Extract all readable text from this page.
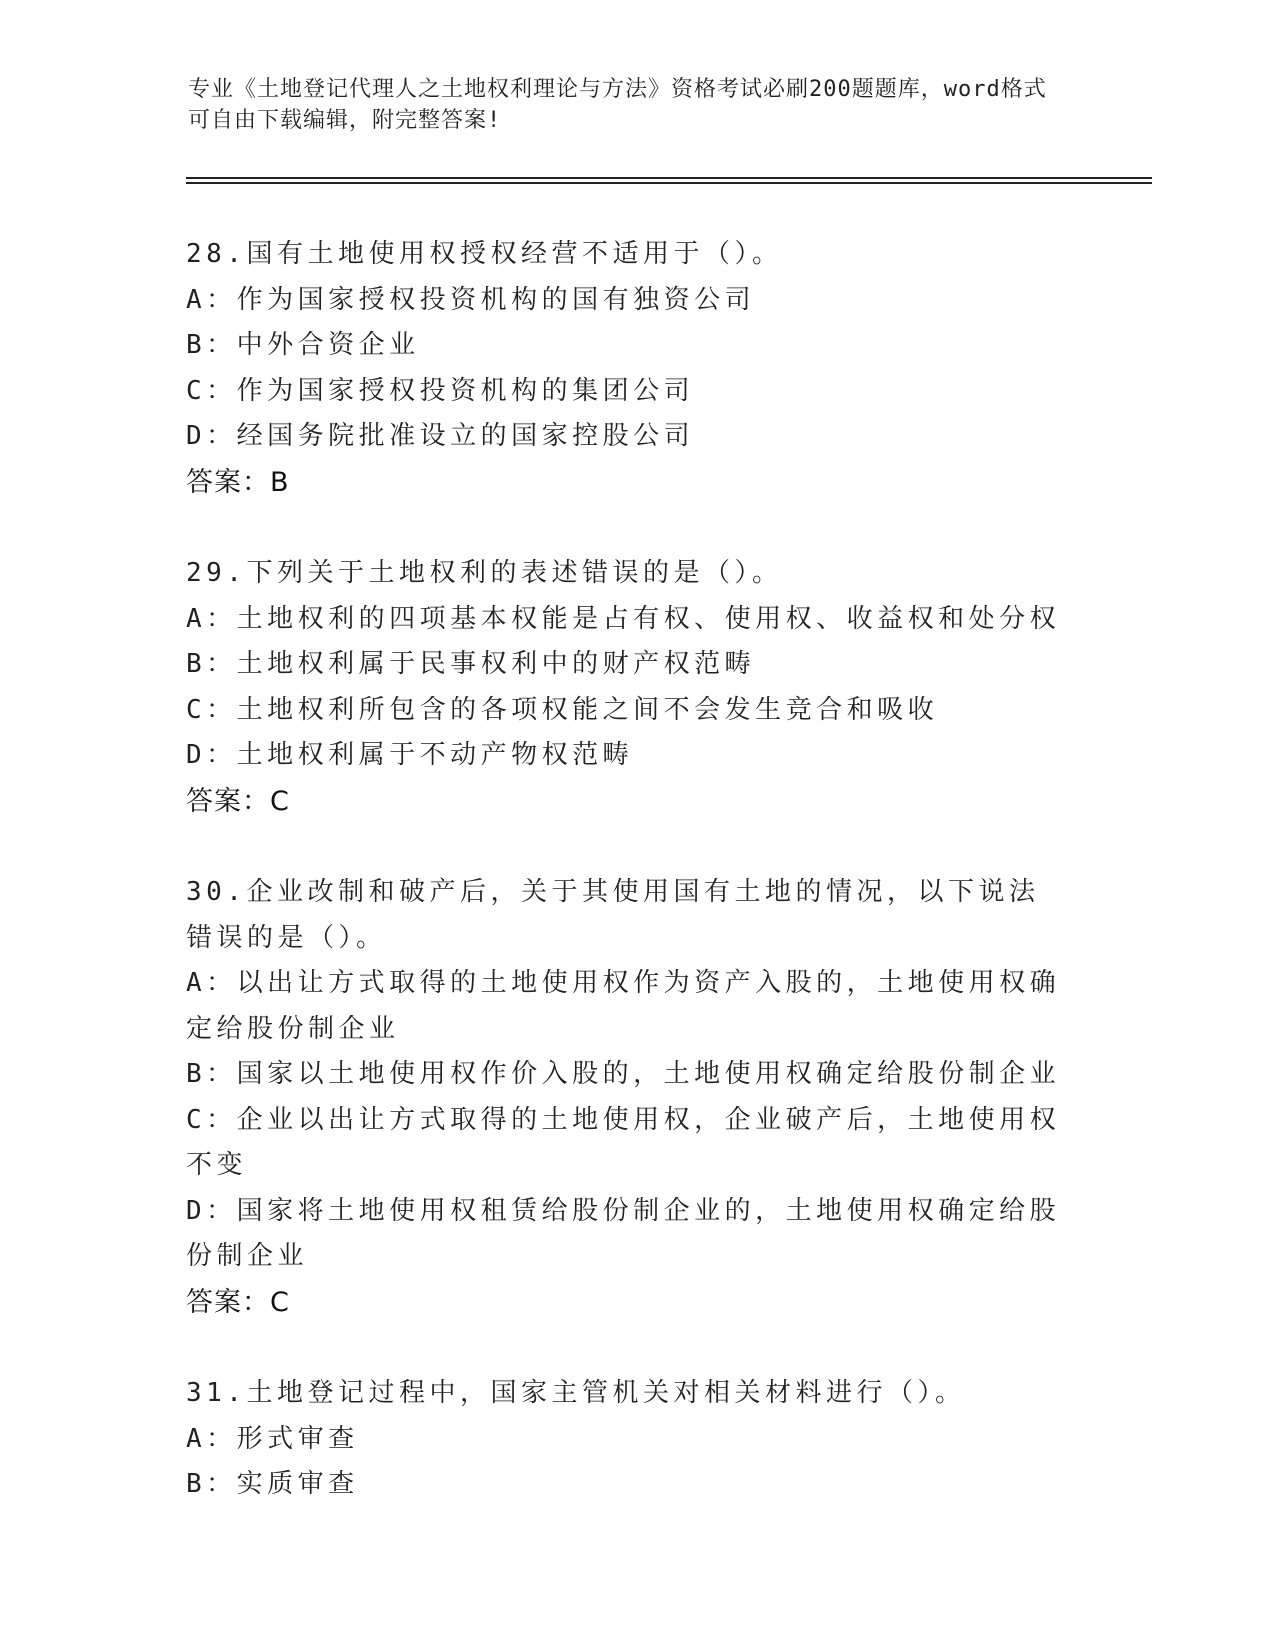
专业《土地登记代理人之土地权利理论与方法》资格考试必刷200题题库，word格式可自由下载编辑，附完整答案!
28.国有土地使用权授权经营不适用于（）。
A：作为国家授权投资机构的国有独资公司
B：中外合资企业
C：作为国家授权投资机构的集团公司
D：经国务院批准设立的国家控股公司
答案：B
29.下列关于土地权利的表述错误的是（）。
A：土地权利的四项基本权能是占有权、使用权、收益权和处分权
B：土地权利属于民事权利中的财产权范畴
C：土地权利所包含的各项权能之间不会发生竞合和吸收
D：土地权利属于不动产物权范畴
答案：C
30.企业改制和破产后，关于其使用国有土地的情况，以下说法错误的是（）。
A：以出让方式取得的土地使用权作为资产入股的，土地使用权确定给股份制企业
B：国家以土地使用权作价入股的，土地使用权确定给股份制企业
C：企业以出让方式取得的土地使用权，企业破产后，土地使用权不变
D：国家将土地使用权租赁给股份制企业的，土地使用权确定给股份制企业
答案：C
31.土地登记过程中，国家主管机关对相关材料进行（）。
A：形式审查
B：实质审查
